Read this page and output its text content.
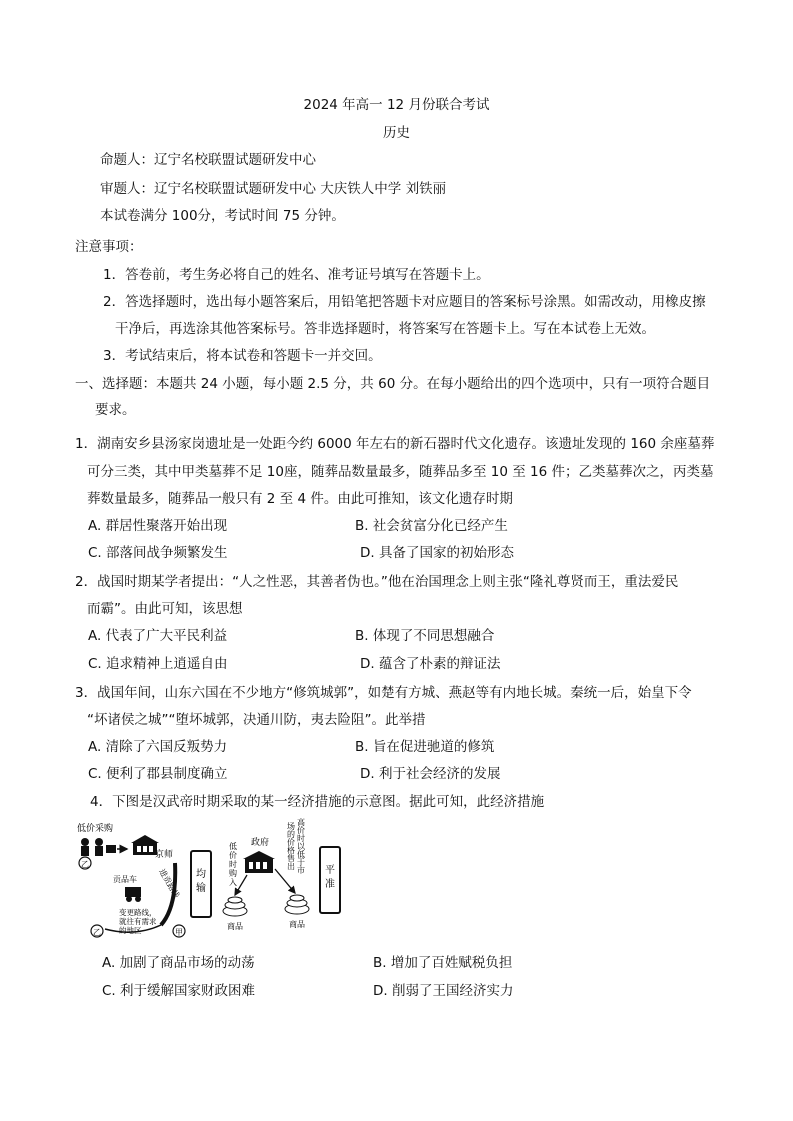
2024 年高一 12 月份联合考试
历史
命题人：辽宁名校联盟试题研发中心
审题人：辽宁名校联盟试题研发中心 大庆铁人中学 刘铁丽
本试卷满分 100分，考试时间 75 分钟。
注意事项：
1．答卷前，考生务必将自己的姓名、准考证号填写在答题卡上。
2．答选择题时，选出每小题答案后，用铅笔把答题卡对应题目的答案标号涂黑。如需改动，用橡皮擦
干净后，再选涂其他答案标号。答非选择题时，将答案写在答题卡上。写在本试卷上无效。
3．考试结束后，将本试卷和答题卡一并交回。
一、选择题：本题共 24 小题，每小题 2.5 分，共 60 分。在每小题给出的四个选项中，只有一项符合题目
要求。
1．湖南安乡县汤家岗遗址是一处距今约 6000 年左右的新石器时代文化遗存。该遗址发现的 160 余座墓葬
可分三类，其中甲类墓葬不足 10座，随葬品数量最多，随葬品多至 10 至 16 件；乙类墓葬次之，丙类墓
葬数量最多，随葬品一般只有 2 至 4 件。由此可推知，该文化遗存时期
A. 群居性聚落开始出现	B. 社会贫富分化已经产生
C. 部落间战争频繁发生	D. 具备了国家的初始形态
2．战国时期某学者提出：“人之性恶，其善者伪也。”他在治国理念上则主张“隆礼尊贤而王，重法爱民
而霸”。由此可知，该思想
A. 代表了广大平民利益	B. 体现了不同思想融合
C. 追求精神上逍遥自由	D. 蕴含了朴素的辩证法
3．战国年间，山东六国在不少地方“修筑城郭”，如楚有方城、燕赵等有内地长城。秦统一后，始皇下令
“坏诸侯之城”“堕坏城郭，决通川防，夷去险阻”。此举措
A. 清除了六国反叛势力	B. 旨在促进驰道的修筑
C. 便利了郡县制度确立	D. 利于社会经济的发展
4．下图是汉武帝时期采取的某一经济措施的示意图。据此可知，此经济措施
低价采购
乙
京师
进贡路线
贡品车
变更路线，就往有需求的地区
乙	甲
均输
低价时购入
政府
高价时以低于市 场的价格售出
商品	商品
平准
A. 加剧了商品市场的动荡	B. 增加了百姓赋税负担
C. 利于缓解国家财政困难	D. 削弱了王国经济实力
